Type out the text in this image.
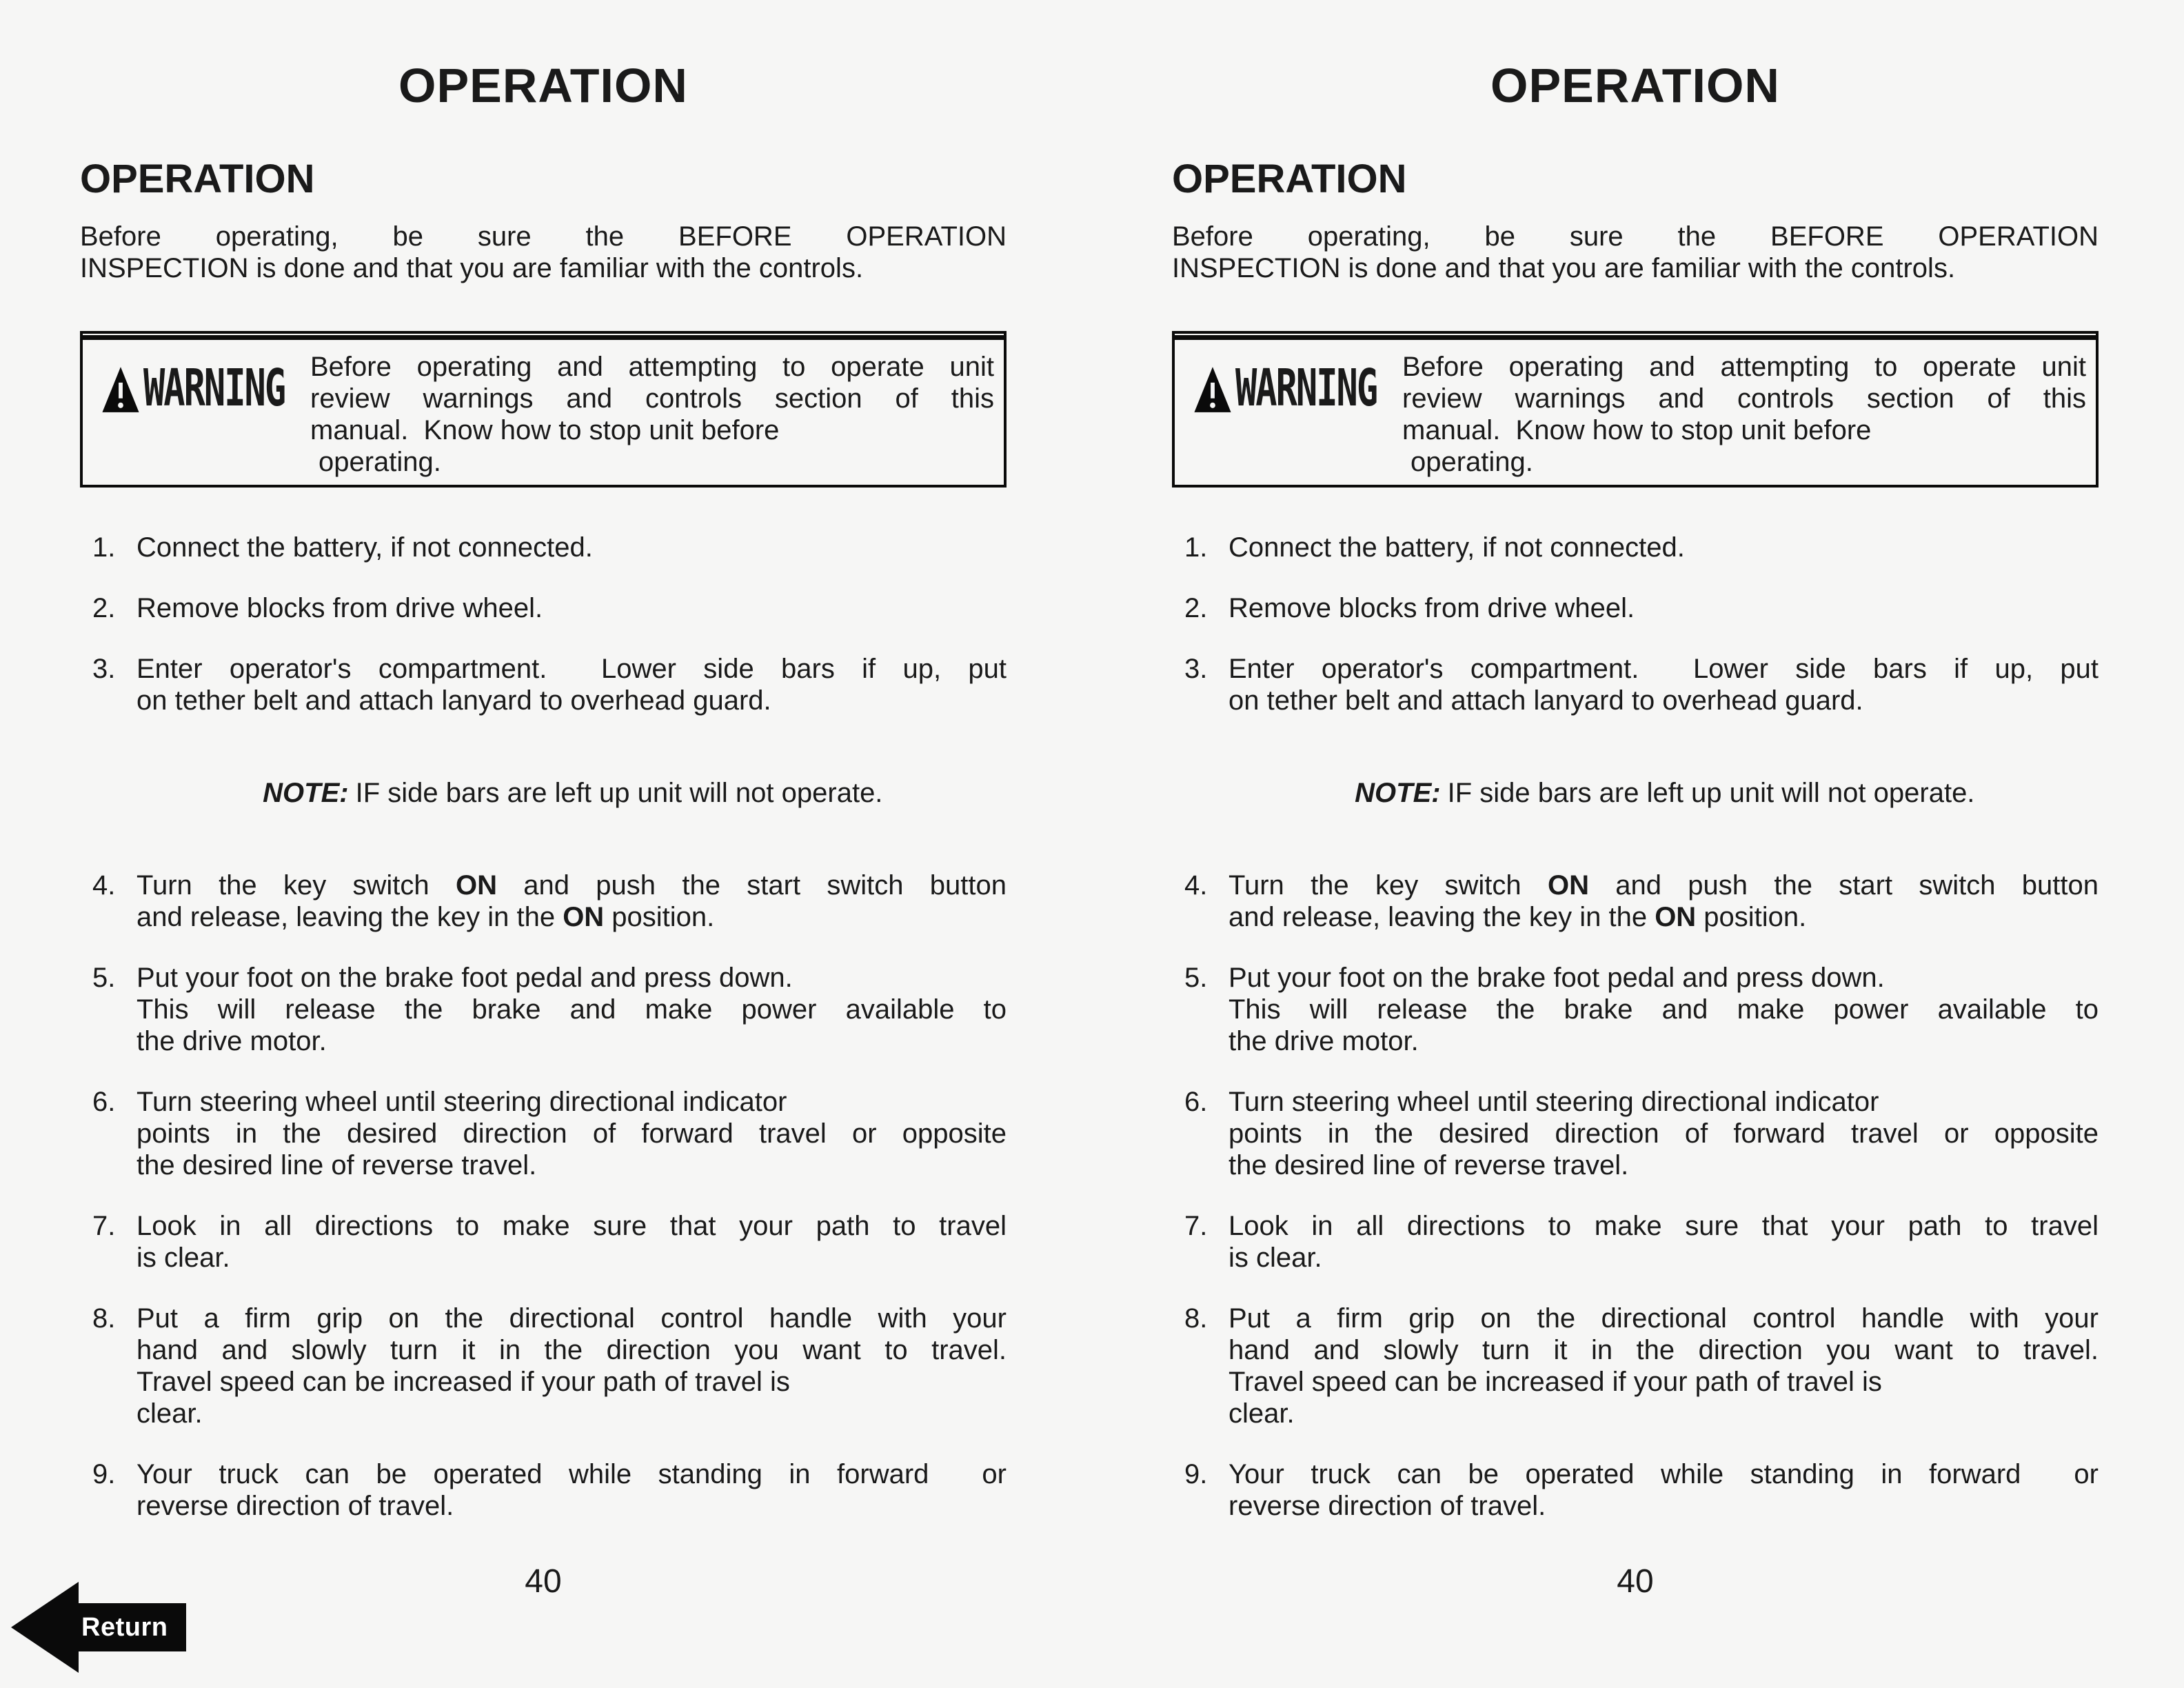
OPERATION
OPERATION
Before operating, be sure the BEFORE OPERATION
INSPECTION is done and that you are familiar with the controls.
WARNING Before operating and attempting to operate unit
review warnings and controls section of this
manual.  Know how to stop unit before
operating.
1. Connect the battery, if not connected.
2. Remove blocks from drive wheel.
3. Enter operator's compartment.  Lower side bars if up, put
on tether belt and attach lanyard to overhead guard.

NOTE: IF side bars are left up unit will not operate.

4. Turn the key switch ON and push the start switch button
and release, leaving the key in the ON position.
5. Put your foot on the brake foot pedal and press down.
This will release the brake and make power available to
the drive motor.
6. Turn steering wheel until steering directional indicator
points in the desired direction of forward travel or opposite
the desired line of reverse travel.
7. Look in all directions to make sure that your path to travel
is clear.
8. Put a firm grip on the directional control handle with your
hand and slowly turn it in the direction you want to travel.
Travel speed can be increased if your path of travel is
clear.
9. Your truck can be operated while standing in forward  or
reverse direction of travel.
40
OPERATION
OPERATION
Before operating, be sure the BEFORE OPERATION
INSPECTION is done and that you are familiar with the controls.
WARNING Before operating and attempting to operate unit
review warnings and controls section of this
manual.  Know how to stop unit before
operating.
1. Connect the battery, if not connected.
2. Remove blocks from drive wheel.
3. Enter operator's compartment.  Lower side bars if up, put
on tether belt and attach lanyard to overhead guard.

NOTE: IF side bars are left up unit will not operate.

4. Turn the key switch ON and push the start switch button
and release, leaving the key in the ON position.
5. Put your foot on the brake foot pedal and press down.
This will release the brake and make power available to
the drive motor.
6. Turn steering wheel until steering directional indicator
points in the desired direction of forward travel or opposite
the desired line of reverse travel.
7. Look in all directions to make sure that your path to travel
is clear.
8. Put a firm grip on the directional control handle with your
hand and slowly turn it in the direction you want to travel.
Travel speed can be increased if your path of travel is
clear.
9. Your truck can be operated while standing in forward  or
reverse direction of travel.
40
Return
